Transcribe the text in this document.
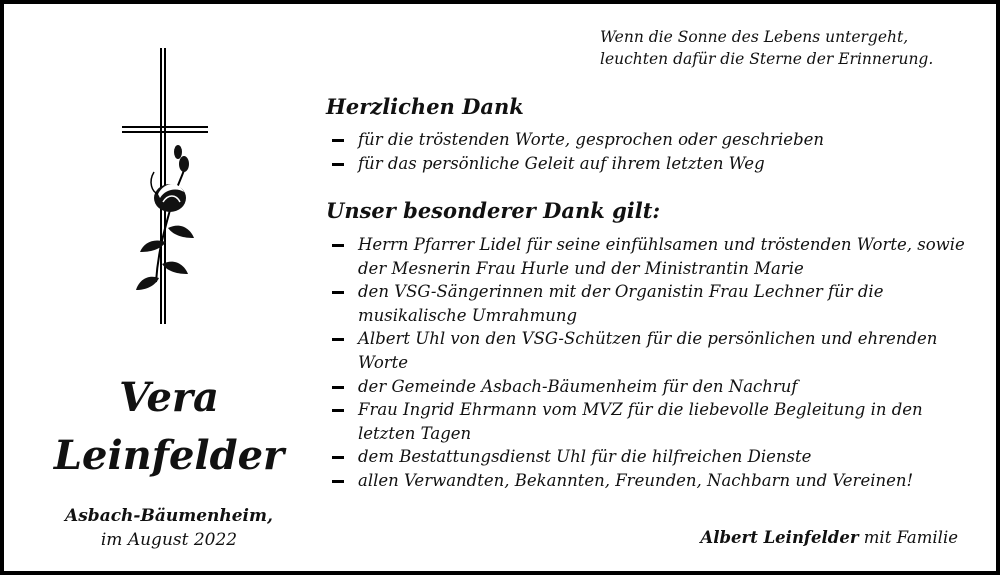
Wenn die Sonne des Lebens untergeht,
leuchten dafür die Sterne der Erinnerung.
Vera
Leinfelder
Asbach-Bäumenheim,
im August 2022
Herzlichen Dank
für die tröstenden Worte, gesprochen oder geschrieben
für das persönliche Geleit auf ihrem letzten Weg
Unser besonderer Dank gilt:
Herrn Pfarrer Lidel für seine einfühlsamen und tröstenden Worte, sowie
der Mesnerin Frau Hurle und der Ministrantin Marie
den VSG-Sängerinnen mit der Organistin Frau Lechner für die
musikalische Umrahmung
Albert Uhl von den VSG-Schützen für die persönlichen und ehrenden
Worte
der Gemeinde Asbach-Bäumenheim für den Nachruf
Frau Ingrid Ehrmann vom MVZ für die liebevolle Begleitung in den
letzten Tagen
dem Bestattungsdienst Uhl für die hilfreichen Dienste
allen Verwandten, Bekannten, Freunden, Nachbarn und Vereinen!
Albert Leinfelder mit Familie
